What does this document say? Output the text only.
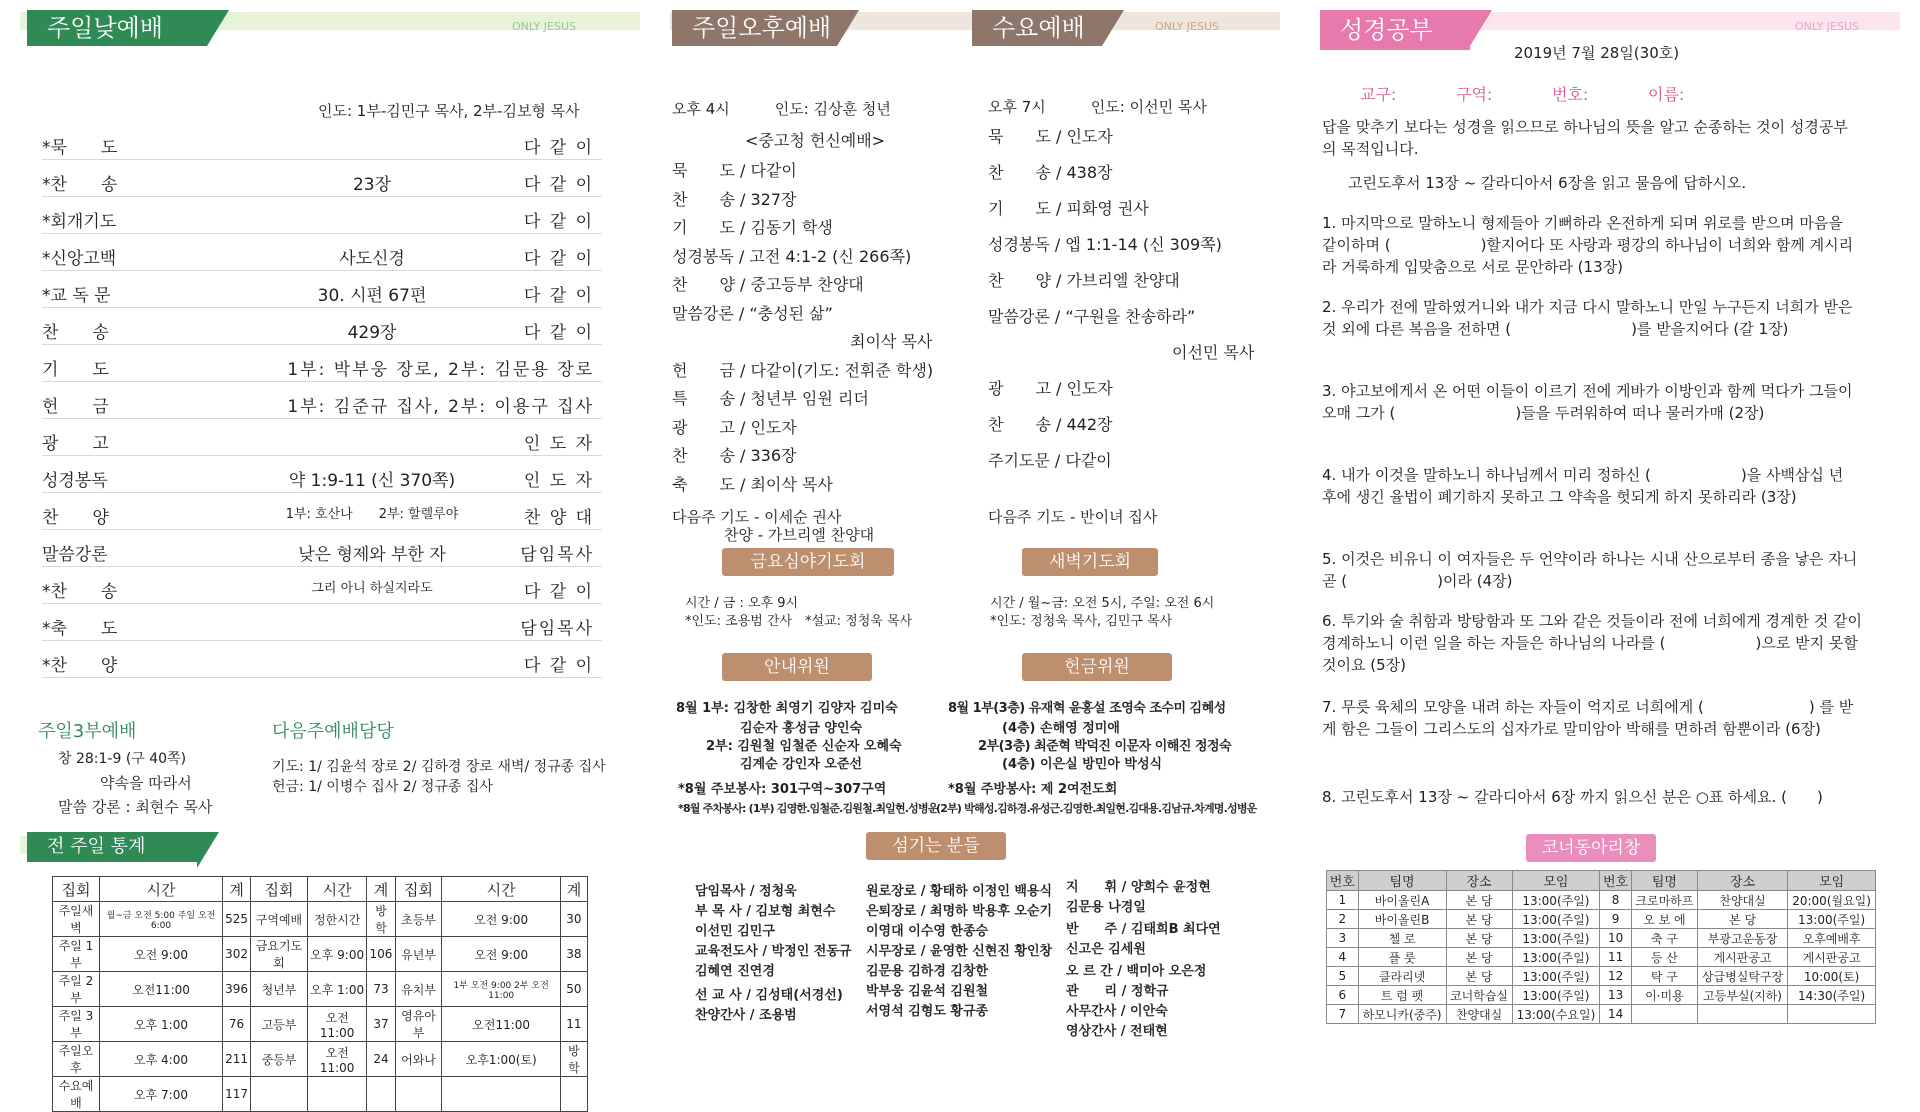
주일낮예배	ONLY JESUS
인도: 1부-김민구 목사, 2부-김보형 목사
*묵　　도	다 같 이
*찬　　송	23장	다 같 이
*회개기도	다 같 이
*신앙고백	사도신경	다 같 이
*교 독 문	30. 시편 67편	다 같 이
찬　　송	429장	다 같 이
기　　도	1부: 박부웅 장로, 2부: 김문용 장로
헌　　금	1부: 김준규 집사, 2부: 이용구 집사
광　　고	인 도 자
성경봉독	약 1:9-11 (신 370쪽)	인 도 자
찬　　양	1부: 호산나　　2부: 할렐루야	찬 양 대
말씀강론	낮은 형제와 부한 자	담임목사
*찬　　송	그리 아니 하실지라도	다 같 이
*축　　도	담임목사
*찬　　양	다 같 이
주일3부예배
창 28:1-9 (구 40쪽)
약속을 따라서
말씀 강론 : 최현수 목사
다음주예배담당
기도: 1/ 김윤석 장로 2/ 김하경 장로 새벽/ 정규종 집사
헌금: 1/ 이병수 집사 2/ 정규종 집사
전 주일 통계
집회	시간	계	집회	시간	계	집회	시간	계
주일새벽	월~금 오전 5:00 주일 오전 6:00	525	구역예배	정한시간	방학	초등부	오전 9:00	30
주일 1부	오전 9:00	302	금요기도회	오후 9:00	106	유년부	오전 9:00	38
주일 2부	오전11:00	396	청년부	오후 1:00	73	유치부	1부 오전 9:00 2부 오전 11:00	50
주일 3부	오후 1:00	76	고등부	오전11:00	37	영유아부	오전11:00	11
주일오후	오후 4:00	211	중등부	오전11:00	24	어와나	오후1:00(토)	방학
수요예배	오후 7:00	117						
주일오후예배
오후 4시　　　인도: 김상훈 청년
<중고청 헌신예배>
묵　　도 / 다같이
찬　　송 / 327장
기　　도 / 김동기 학생
성경봉독 / 고전 4:1-2 (신 266쪽)
찬　　양 / 중고등부 찬양대
말씀강론 / “충성된 삶”
최이삭 목사
헌　　금 / 다같이(기도: 전휘준 학생)
특　　송 / 청년부 임원 리더
광　　고 / 인도자
찬　　송 / 336장
축　　도 / 최이삭 목사
다음주 기도 - 이세순 권사
찬양 - 가브리엘 찬양대
수요예배	ONLY JESUS
오후 7시　　　인도: 이선민 목사
묵　　도 / 인도자
찬　　송 / 438장
기　　도 / 피화영 권사
성경봉독 / 엡 1:1-14 (신 309쪽)
찬　　양 / 가브리엘 찬양대
말씀강론 / “구원을 찬송하라”
이선민 목사
광　　고 / 인도자
찬　　송 / 442장
주기도문 / 다같이
다음주 기도 - 반이녀 집사
금요심야기도회
시간 / 금 : 오후 9시
*인도: 조용범 간사　*설교: 정청욱 목사
새벽기도회
시간 / 월~금: 오전 5시, 주일: 오전 6시
*인도: 정청욱 목사, 김민구 목사
안내위원
8월 1부: 김창한 최영기 김양자 김미숙
김순자 홍성금 양인숙
2부: 김원철 임철준 신순자 오혜숙
김계순 강인자 오준선
*8월 주보봉사: 301구역~307구역
*8월 주차봉사: (1부) 김영한.임철준.김원철.최일현.성병운
헌금위원
8월 1부(3층) 유재혁 윤홍설 조영숙 조수미 김혜성
(4층) 손해영 정미애
2부(3층) 최준혁 박덕진 이문자 이해진 정정숙
(4층) 이은실 방민아 박성식
*8월 주방봉사: 제 2여전도회
(2부) 박해성.김하경.유성근.김영한.최일현.김대용.김남규.차계명.성병운
섬기는 분들
담임목사 / 정청욱
부 목 사 / 김보형 최현수
이선민 김민구
교육전도사 / 박정인 전동규
김혜연 진연경
선 교 사 / 김성태(서경선)
찬양간사 / 조용범
원로장로 / 황태하 이정인 백용식
은퇴장로 / 최명하 박용후 오순기
이영대 이수영 한종승
시무장로 / 윤영한 신현진 황인창
김문용 김하경 김창한
박부웅 김윤석 김원철
서영석 김형도 황규종
지　　휘 / 양희수 윤정현
김문용 나경일
반　　주 / 김태희B 최다연
신고은 김세원
오 르 간 / 백미아 오은정
관　　리 / 정학규
사무간사 / 이안숙
영상간사 / 전태현
성경공부	ONLY JESUS
2019년 7월 28일(30호)
교구:	구역:	번호:	이름:
답을 맞추기 보다는 성경을 읽으므로 하나님의 뜻을 알고 순종하는 것이 성경공부의 목적입니다.
고린도후서 13장 ~ 갈라디아서 6장을 읽고 물음에 답하시오.
1. 마지막으로 말하노니 형제들아 기뻐하라 온전하게 되며 위로를 받으며 마음을 같이하며 (　　　　　　)할지어다 또 사랑과 평강의 하나님이 너희와 함께 계시리라 거룩하게 입맞춤으로 서로 문안하라 (13장)
2. 우리가 전에 말하였거니와 내가 지금 다시 말하노니 만일 누구든지 너희가 받은 것 외에 다른 복음을 전하면 (　　　　　　　　)를 받을지어다 (갈 1장)
3. 야고보에게서 온 어떤 이들이 이르기 전에 게바가 이방인과 함께 먹다가 그들이 오매 그가 (　　　　　　　　)들을 두려워하여 떠나 물러가매 (2장)
4. 내가 이것을 말하노니 하나님께서 미리 정하신 (　　　　　　)을 사백삼십 년 후에 생긴 율법이 폐기하지 못하고 그 약속을 헛되게 하지 못하리라 (3장)
5. 이것은 비유니 이 여자들은 두 언약이라 하나는 시내 산으로부터 종을 낳은 자니 곧 (　　　　　　)이라 (4장)
6. 투기와 술 취함과 방탕함과 또 그와 같은 것들이라 전에 너희에게 경계한 것 같이 경계하노니 이런 일을 하는 자들은 하나님의 나라를 (　　　　　　)으로 받지 못할 것이요 (5장)
7. 무릇 육체의 모양을 내려 하는 자들이 억지로 너희에게 (　　　　　　　) 를 받게 함은 그들이 그리스도의 십자가로 말미암아 박해를 면하려 함뿐이라 (6장)
8. 고린도후서 13장 ~ 갈라디아서 6장 까지 읽으신 분은 ○표 하세요. (　　)
코너동아리창
번호	팀명	장소	모임	번호	팀명	장소	모임
1	바이올린A	본 당	13:00(주일)	8	크로마하프	찬양대실	20:00(월요일)
2	바이올린B	본 당	13:00(주일)	9	오 보 에	본 당	13:00(주일)
3	첼 로	본 당	13:00(주일)	10	축 구	부광고운동장	오후예배후
4	플 룻	본 당	13:00(주일)	11	등 산	게시판공고	게시판공고
5	클라리넷	본 당	13:00(주일)	12	탁 구	상급병실탁구장	10:00(토)
6	트 럼 펫	코너학습실	13:00(주일)	13	이·미용	고등부실(지하)	14:30(주일)
7	하모니카(중주)	찬양대실	13:00(수요일)	14			
